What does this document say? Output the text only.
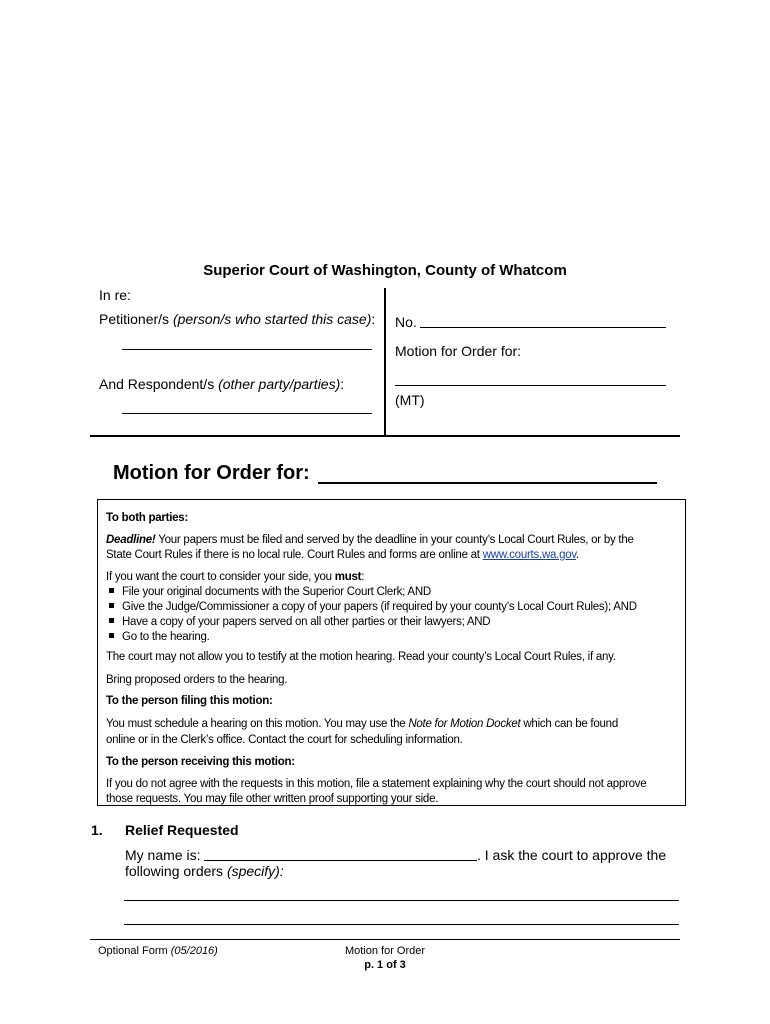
Superior Court of Washington, County of Whatcom
In re:
Petitioner/s (person/s who started this case):
And Respondent/s (other party/parties):
No.
Motion for Order for:
(MT)
Motion for Order for:
To both parties:
Deadline! Your papers must be filed and served by the deadline in your county’s Local Court Rules, or by the
State Court Rules if there is no local rule. Court Rules and forms are online at www.courts.wa.gov.
If you want the court to consider your side, you must:
File your original documents with the Superior Court Clerk; AND
Give the Judge/Commissioner a copy of your papers (if required by your county’s Local Court Rules); AND
Have a copy of your papers served on all other parties or their lawyers; AND
Go to the hearing.
The court may not allow you to testify at the motion hearing. Read your county’s Local Court Rules, if any.
Bring proposed orders to the hearing.
To the person filing this motion:
You must schedule a hearing on this motion. You may use the Note for Motion Docket which can be found
online or in the Clerk’s office. Contact the court for scheduling information.
To the person receiving this motion:
If you do not agree with the requests in this motion, file a statement explaining why the court should not approve
those requests. You may file other written proof supporting your side.
1. Relief Requested
My name is:	. I ask the court to approve the
following orders (specify):
Optional Form (05/2016)	Motion for Order
p. 1 of 3
